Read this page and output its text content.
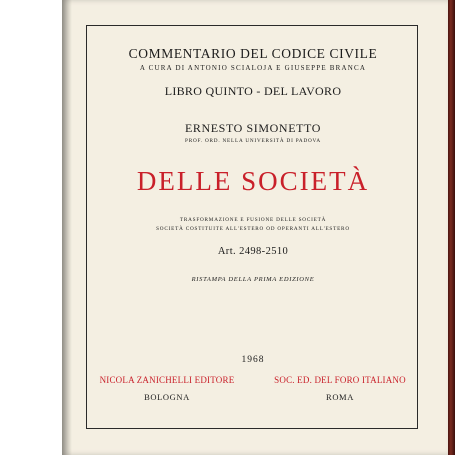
COMMENTARIO DEL CODICE CIVILE
A CURA DI ANTONIO SCIALOJA E GIUSEPPE BRANCA
LIBRO QUINTO - DEL LAVORO
ERNESTO SIMONETTO
PROF. ORD. NELLA UNIVERSITÀ DI PADOVA
DELLE SOCIETÀ
TRASFORMAZIONE E FUSIONE DELLE SOCIETÀ
SOCIETÀ COSTITUITE ALL'ESTERO OD OPERANTI ALL'ESTERO
Art. 2498-2510
RISTAMPA DELLA PRIMA EDIZIONE
1968
NICOLA ZANICHELLI EDITORE	SOC. ED. DEL FORO ITALIANO
BOLOGNA	ROMA
